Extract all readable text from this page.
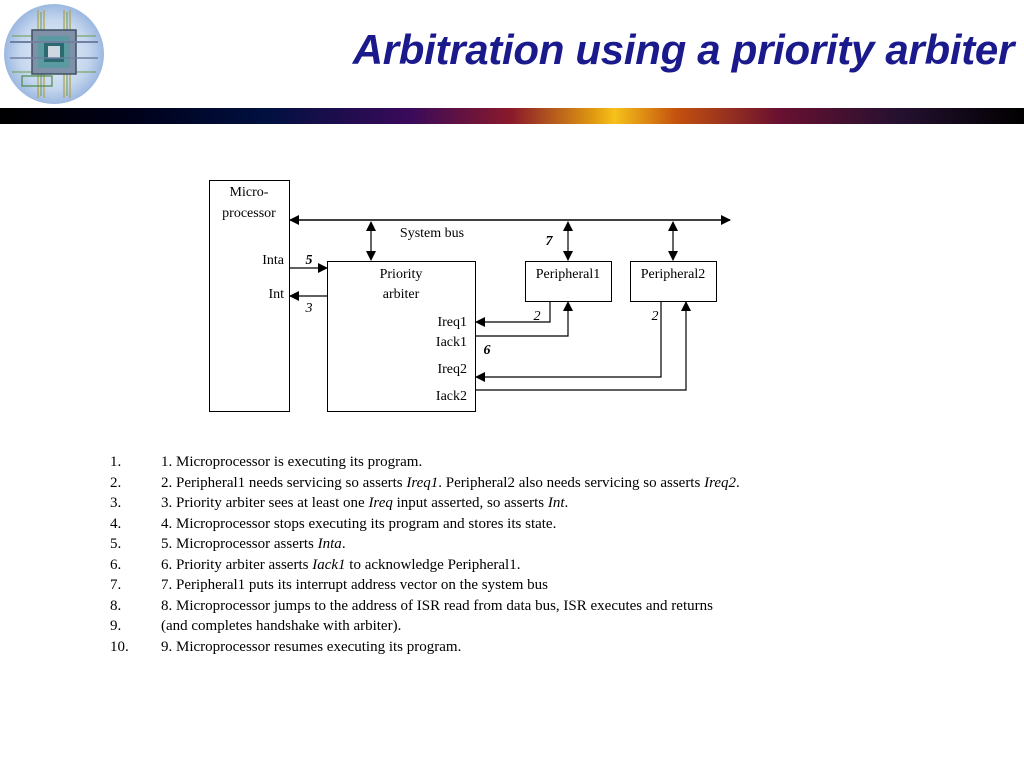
Arbitration using a priority arbiter
Micro-
processor
Inta
Int
System bus
Priority
arbiter
Ireq1
Iack1
Ireq2
Iack2
Peripheral1	Peripheral2
5
3
7
6
2	2
1.	1. Microprocessor is executing its program.
2.	2. Peripheral1 needs servicing so asserts Ireq1. Peripheral2 also needs servicing so asserts Ireq2.
3.	3. Priority arbiter sees at least one Ireq input asserted, so asserts Int.
4.	4. Microprocessor stops executing its program and stores its state.
5.	5. Microprocessor asserts Inta.
6.	6. Priority arbiter asserts Iack1 to acknowledge Peripheral1.
7.	7. Peripheral1 puts its interrupt address vector on the system bus
8.	8. Microprocessor jumps to the address of ISR read from data bus, ISR executes and returns
9.	(and completes handshake with arbiter).
10. 9. Microprocessor resumes executing its program.
